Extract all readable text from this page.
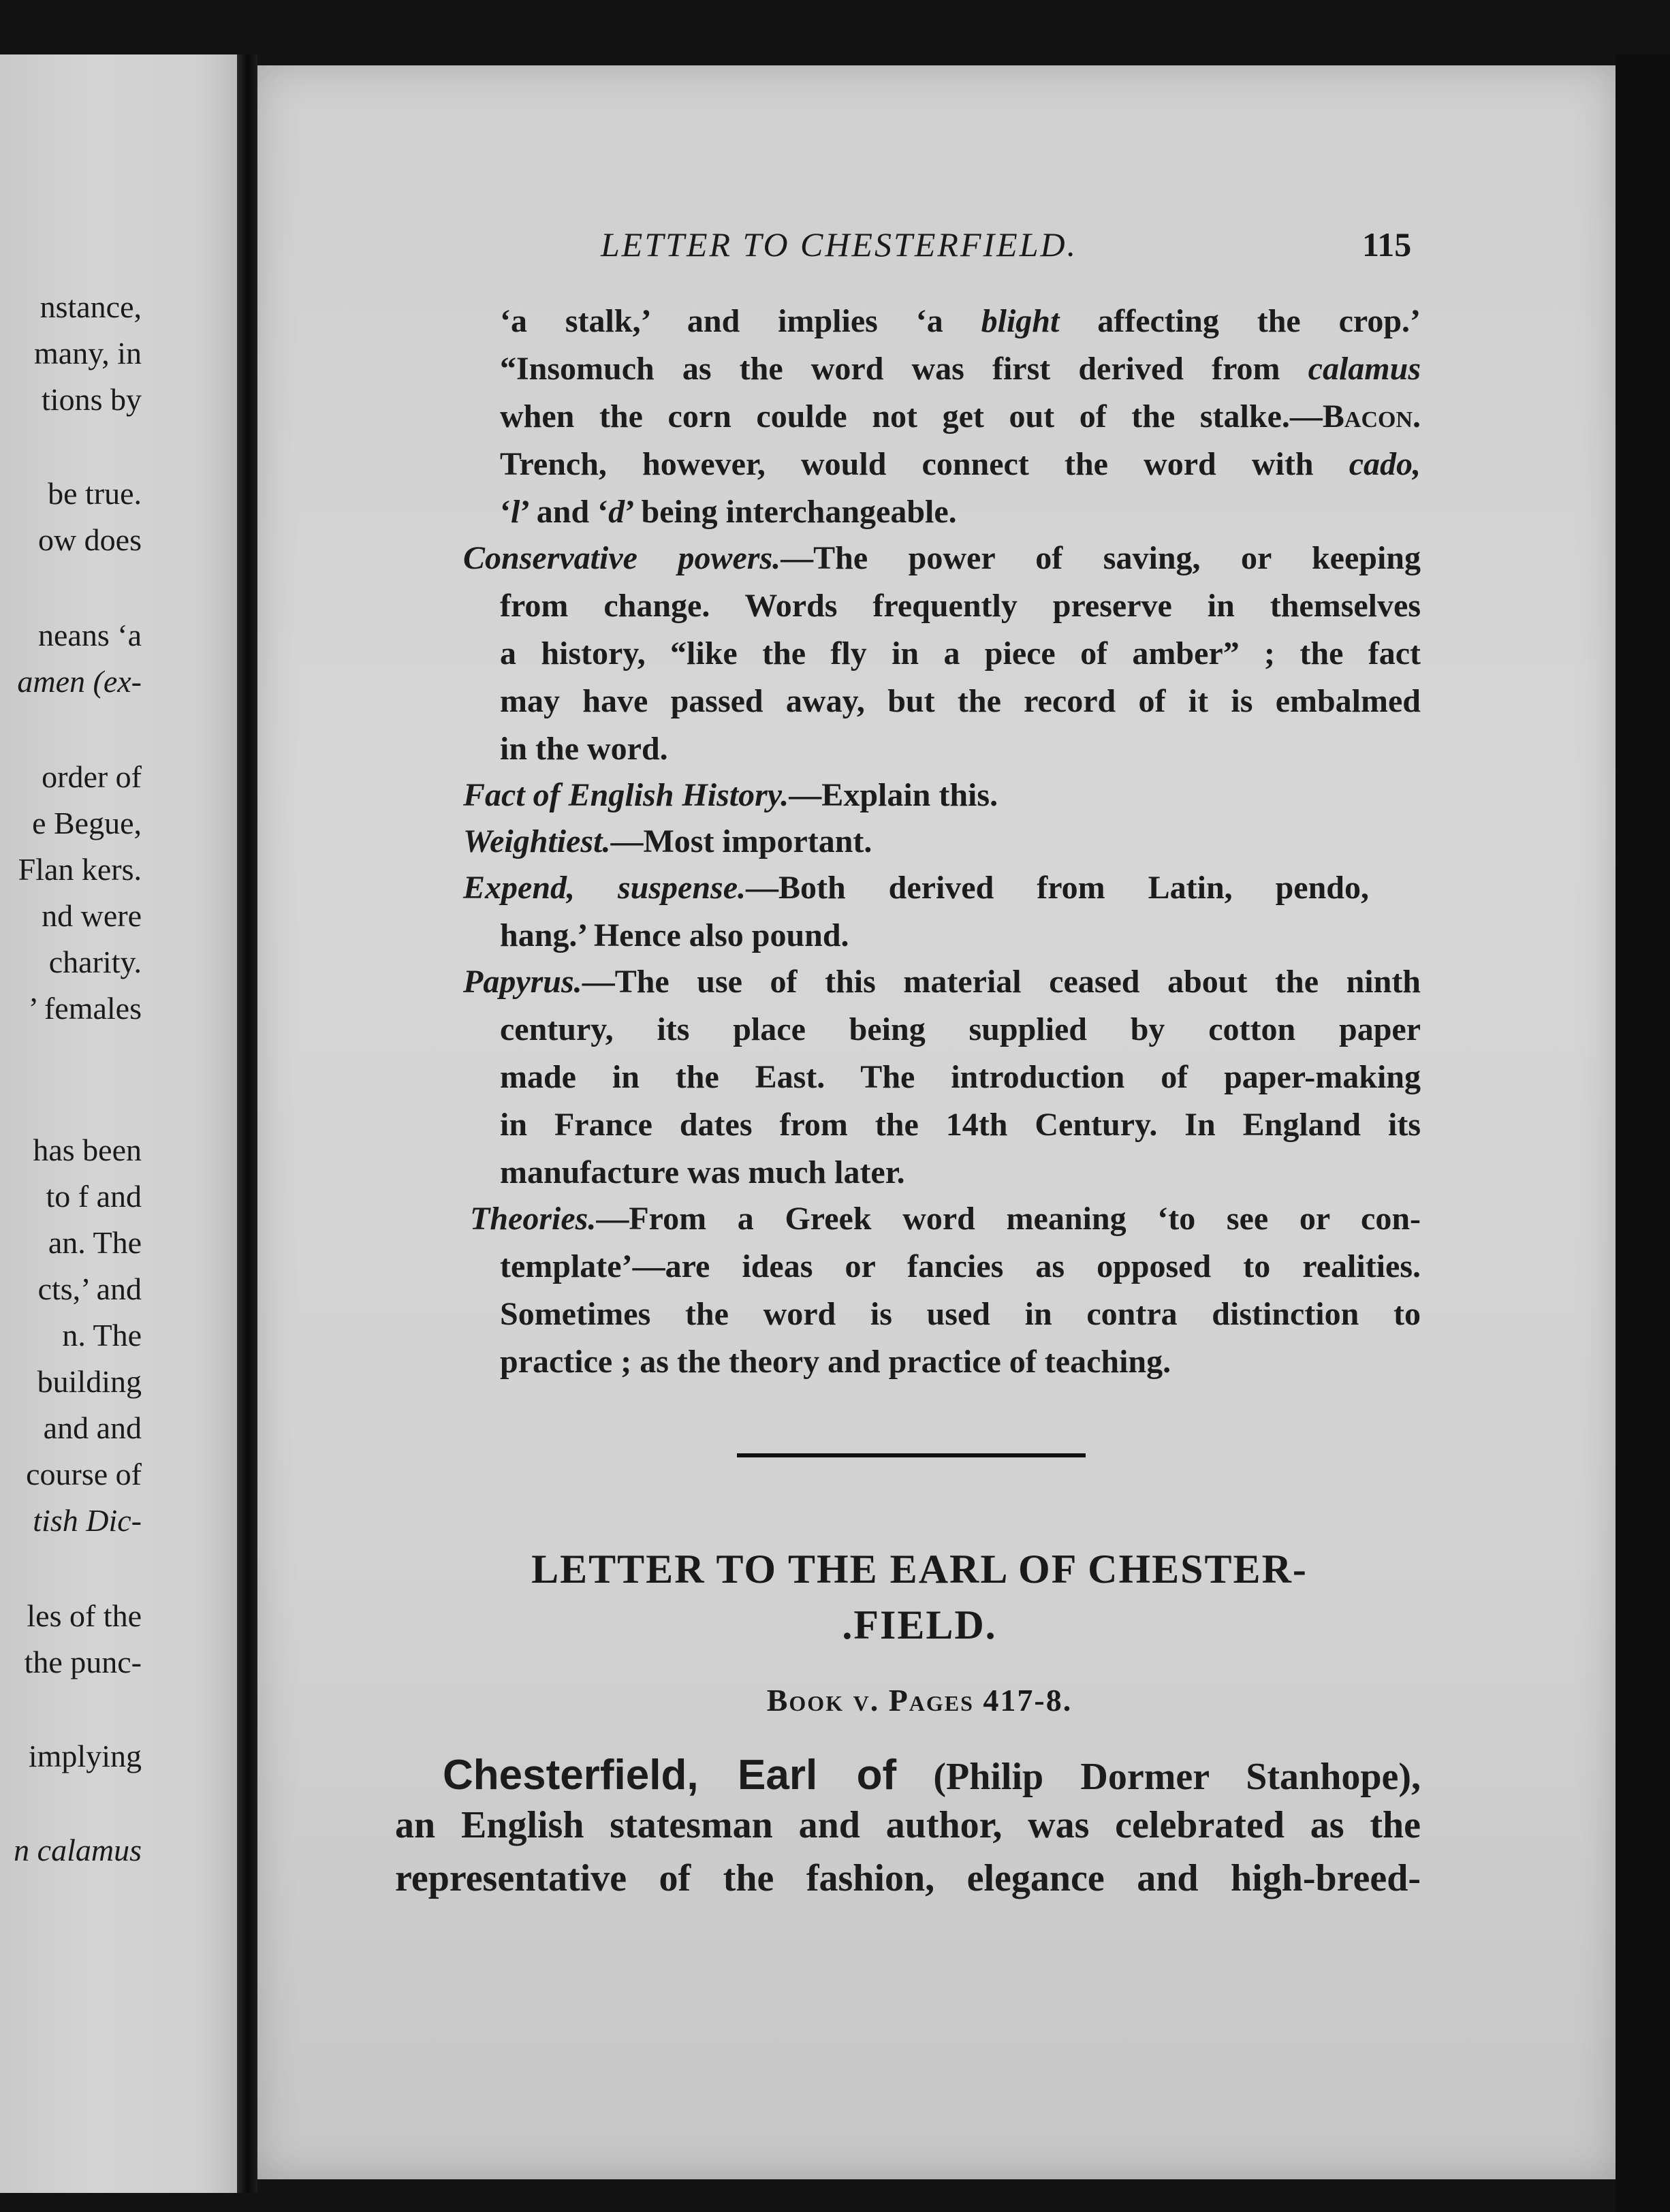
nstance,
many, in
tions by
be true.
ow does
neans ‘a
amen (ex-
order of
e Begue,
Flan kers.
nd were
charity.
’ females
has been
to f and
an. The
cts,’ and
n. The
building
and and
course of
tish Dic-
les of the
the punc-
implying
n calamus
LETTER TO CHESTERFIELD.	115
‘a stalk,’ and implies ‘a blight affecting the crop.’
“Insomuch as the word was first derived from calamus
when the corn coulde not get out of the stalke.—Bacon.
Trench, however, would connect the word with cado,
‘l’ and ‘d’ being interchangeable.
Conservative powers.—The power of saving, or keeping
from change. Words frequently preserve in themselves
a history, “like the fly in a piece of amber” ; the fact
may have passed away, but the record of it is embalmed
in the word.
Fact of English History.—Explain this.
Weightiest.—Most important.
Expend, suspense.—Both derived from Latin, pendo,
hang.’ Hence also pound.
Papyrus.—The use of this material ceased about the ninth
century, its place being supplied by cotton paper
made in the East. The introduction of paper-making
in France dates from the 14th Century. In England its
manufacture was much later.
Theories.—From a Greek word meaning ‘to see or con-
template’—are ideas or fancies as opposed to realities.
Sometimes the word is used in contra distinction to
practice ; as the theory and practice of teaching.
LETTER TO THE EARL OF CHESTER-
.FIELD.
Book v. Pages 417-8.
Chesterfield, Earl of (Philip Dormer Stanhope),
an English statesman and author, was celebrated as the
representative of the fashion, elegance and high-breed-
